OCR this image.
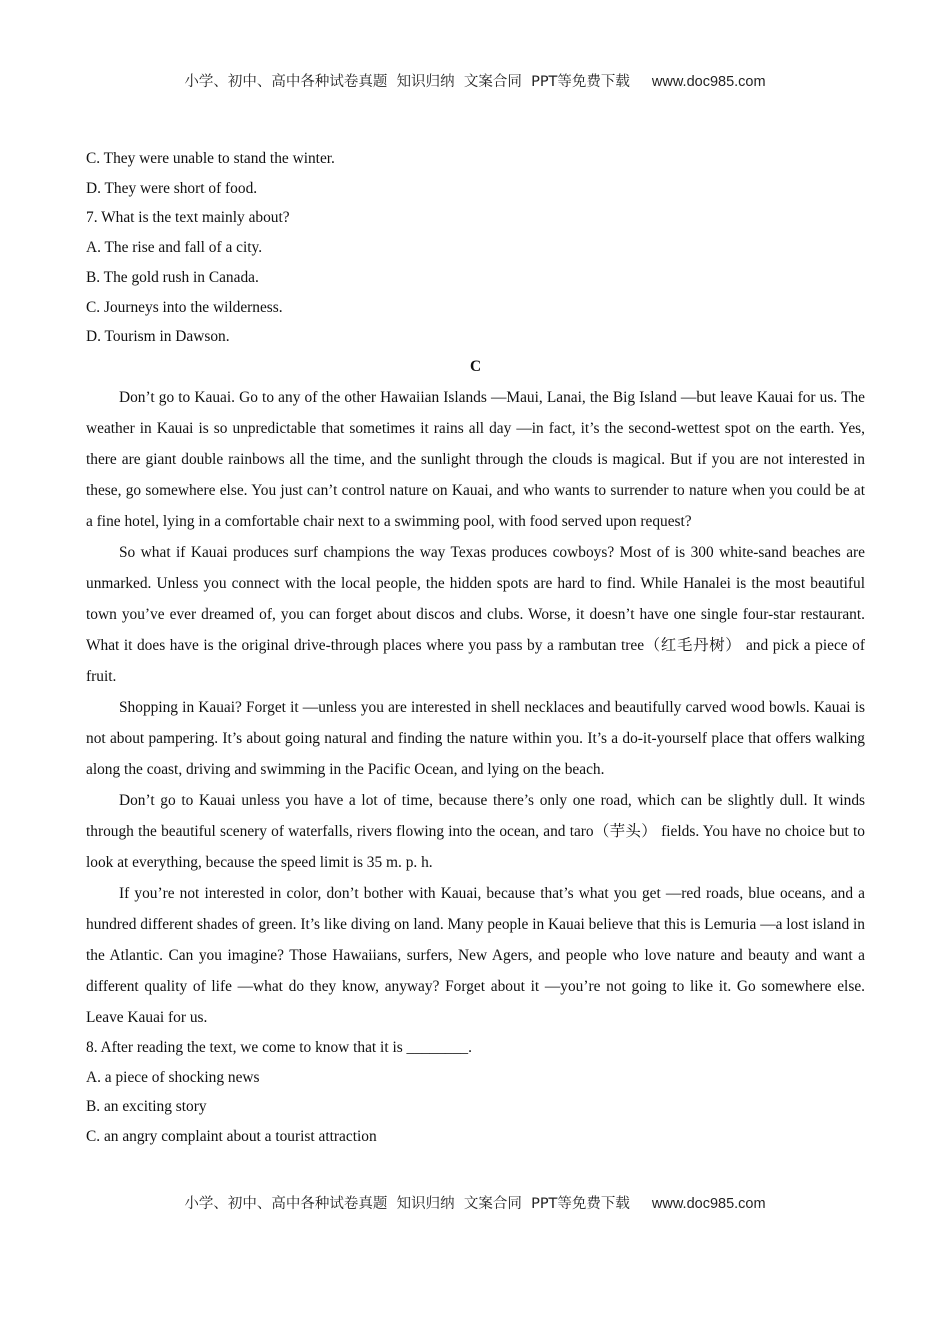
小学、初中、高中各种试卷真题  知识归纳  文案合同  PPT等免费下载 www.doc985.com

C. They were unable to stand the winter.

D. They were short of food.

7. What is the text mainly about?

A. The rise and fall of a city.

B. The gold rush in Canada.

C. Journeys into the wilderness.

D. Tourism in Dawson.

C

Don’t go to Kauai. Go to any of the other Hawaiian Islands —Maui, Lanai, the Big Island —but leave Kauai for us. The weather in Kauai is so unpredictable that sometimes it rains all day —in fact, it’s the second-wettest spot on the earth. Yes, there are giant double rainbows all the time, and the sunlight through the clouds is magical. But if you are not interested in these, go somewhere else. You just can’t control nature on Kauai, and who wants to surrender to nature when you could be at a fine hotel, lying in a comfortable chair next to a swimming pool, with food served upon request?

So what if Kauai produces surf champions the way Texas produces cowboys? Most of is 300 white-sand beaches are unmarked. Unless you connect with the local people, the hidden spots are hard to find. While Hanalei is the most beautiful town you’ve ever dreamed of, you can forget about discos and clubs. Worse, it doesn’t have one single four-star restaurant. What it does have is the original drive-through places where you pass by a rambutan tree（红毛丹树） and pick a piece of fruit.

Shopping in Kauai? Forget it —unless you are interested in shell necklaces and beautifully carved wood bowls. Kauai is not about pampering. It’s about going natural and finding the nature within you. It’s a do-it-yourself place that offers walking along the coast, driving and swimming in the Pacific Ocean, and lying on the beach.

Don’t go to Kauai unless you have a lot of time, because there’s only one road, which can be slightly dull. It winds through the beautiful scenery of waterfalls, rivers flowing into the ocean, and taro（芋头） fields. You have no choice but to look at everything, because the speed limit is 35 m. p. h.

If you’re not interested in color, don’t bother with Kauai, because that’s what you get —red roads, blue oceans, and a hundred different shades of green. It’s like diving on land. Many people in Kauai believe that this is Lemuria —a lost island in the Atlantic. Can you imagine? Those Hawaiians, surfers, New Agers, and people who love nature and beauty and want a different quality of life —what do they know, anyway? Forget about it —you’re not going to like it. Go somewhere else. Leave Kauai for us.

8. After reading the text, we come to know that it is ________.

A. a piece of shocking news

B. an exciting story

C. an angry complaint about a tourist attraction

小学、初中、高中各种试卷真题  知识归纳  文案合同  PPT等免费下载 www.doc985.com
